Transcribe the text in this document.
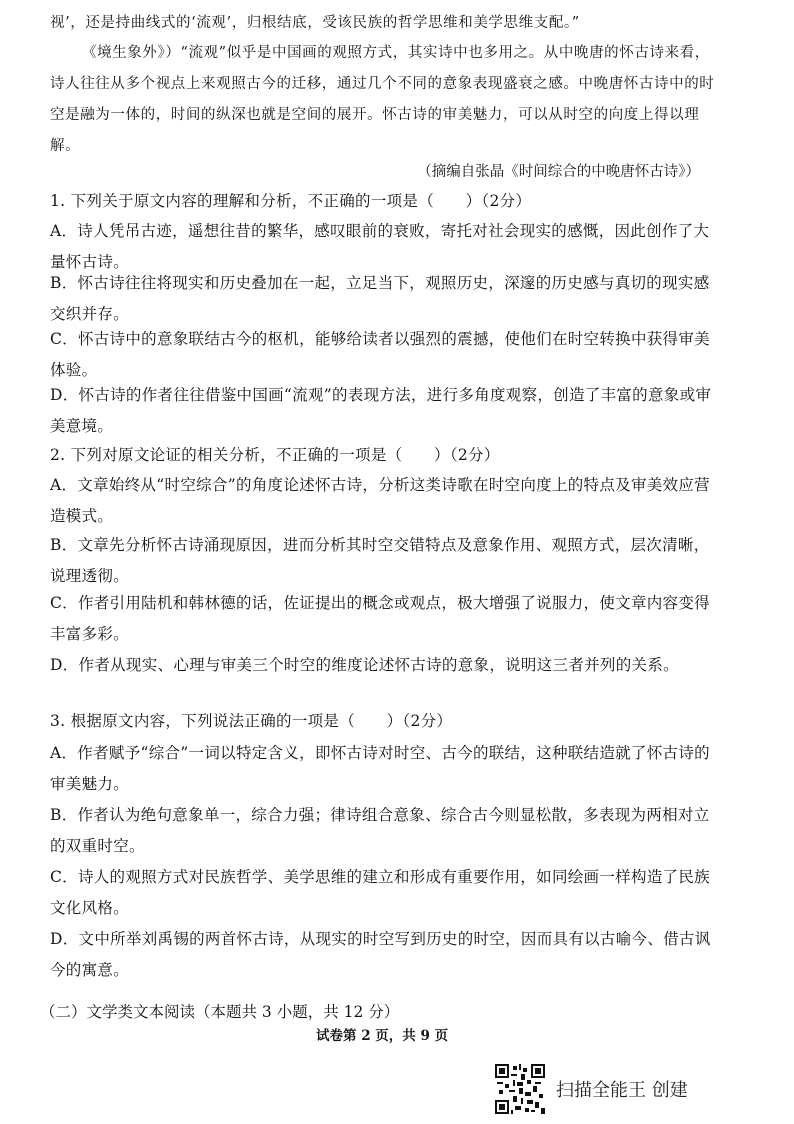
视’，还是持曲线式的‘流观’，归根结底，受该民族的哲学思维和美学思维支配。”

《境生象外》）“流观”似乎是中国画的观照方式，其实诗中也多用之。从中晚唐的怀古诗来看，诗人往往从多个视点上来观照古今的迁移，通过几个不同的意象表现盛衰之感。中晚唐怀古诗中的时空是融为一体的，时间的纵深也就是空间的展开。怀古诗的审美魅力，可以从时空的向度上得以理解。

（摘编自张晶《时间综合的中晚唐怀古诗》）

1. 下列关于原文内容的理解和分析，不正确的一项是（　　）（2分）

A．诗人凭吊古迹，遥想往昔的繁华，感叹眼前的衰败，寄托对社会现实的感慨，因此创作了大量怀古诗。

B．怀古诗往往将现实和历史叠加在一起，立足当下，观照历史，深邃的历史感与真切的现实感交织并存。

C．怀古诗中的意象联结古今的枢机，能够给读者以强烈的震撼，使他们在时空转换中获得审美体验。

D．怀古诗的作者往往借鉴中国画“流观”的表现方法，进行多角度观察，创造了丰富的意象或审美意境。

2. 下列对原文论证的相关分析，不正确的一项是（　　）（2分）

A．文章始终从“时空综合”的角度论述怀古诗，分析这类诗歌在时空向度上的特点及审美效应营造模式。

B．文章先分析怀古诗涌现原因，进而分析其时空交错特点及意象作用、观照方式，层次清晰，说理透彻。

C．作者引用陆机和韩林德的话，佐证提出的概念或观点，极大增强了说服力，使文章内容变得丰富多彩。

D．作者从现实、心理与审美三个时空的维度论述怀古诗的意象，说明这三者并列的关系。

3. 根据原文内容，下列说法正确的一项是（　　）（2分）

A．作者赋予“综合”一词以特定含义，即怀古诗对时空、古今的联结，这种联结造就了怀古诗的审美魅力。

B．作者认为绝句意象单一，综合力强；律诗组合意象、综合古今则显松散，多表现为两相对立的双重时空。

C．诗人的观照方式对民族哲学、美学思维的建立和形成有重要作用，如同绘画一样构造了民族文化风格。

D．文中所举刘禹锡的两首怀古诗，从现实的时空写到历史的时空，因而具有以古喻今、借古讽今的寓意。

（二）文学类文本阅读（本题共 3 小题，共 12 分）
试卷第 2 页，共 9 页
扫描全能王 创建
